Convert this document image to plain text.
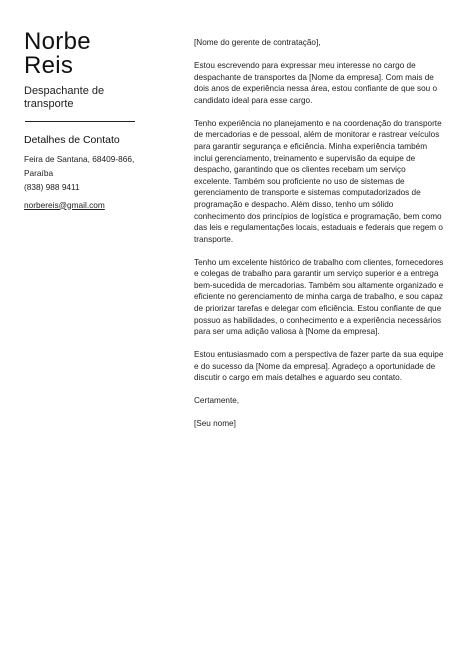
Norbe
Reis
Despachante de transporte
Detalhes de Contato
Feira de Santana, 68409-866, Paraíba
(838) 988 9411
norbereis@gmail.com

[Nome do gerente de contratação],

Estou escrevendo para expressar meu interesse no cargo de despachante de transportes da [Nome da empresa]. Com mais de dois anos de experiência nessa área, estou confiante de que sou o candidato ideal para esse cargo.

Tenho experiência no planejamento e na coordenação do transporte de mercadorias e de pessoal, além de monitorar e rastrear veículos para garantir segurança e eficiência. Minha experiência também inclui gerenciamento, treinamento e supervisão da equipe de despacho, garantindo que os clientes recebam um serviço excelente. Também sou proficiente no uso de sistemas de gerenciamento de transporte e sistemas computadorizados de programação e despacho. Além disso, tenho um sólido conhecimento dos princípios de logística e programação, bem como das leis e regulamentações locais, estaduais e federais que regem o transporte.

Tenho um excelente histórico de trabalho com clientes, fornecedores e colegas de trabalho para garantir um serviço superior e a entrega bem-sucedida de mercadorias. Também sou altamente organizado e eficiente no gerenciamento de minha carga de trabalho, e sou capaz de priorizar tarefas e delegar com eficiência. Estou confiante de que possuo as habilidades, o conhecimento e a experiência necessários para ser uma adição valiosa à [Nome da empresa].

Estou entusiasmado com a perspectiva de fazer parte da sua equipe e do sucesso da [Nome da empresa]. Agradeço a oportunidade de discutir o cargo em mais detalhes e aguardo seu contato.

Certamente,

[Seu nome]
